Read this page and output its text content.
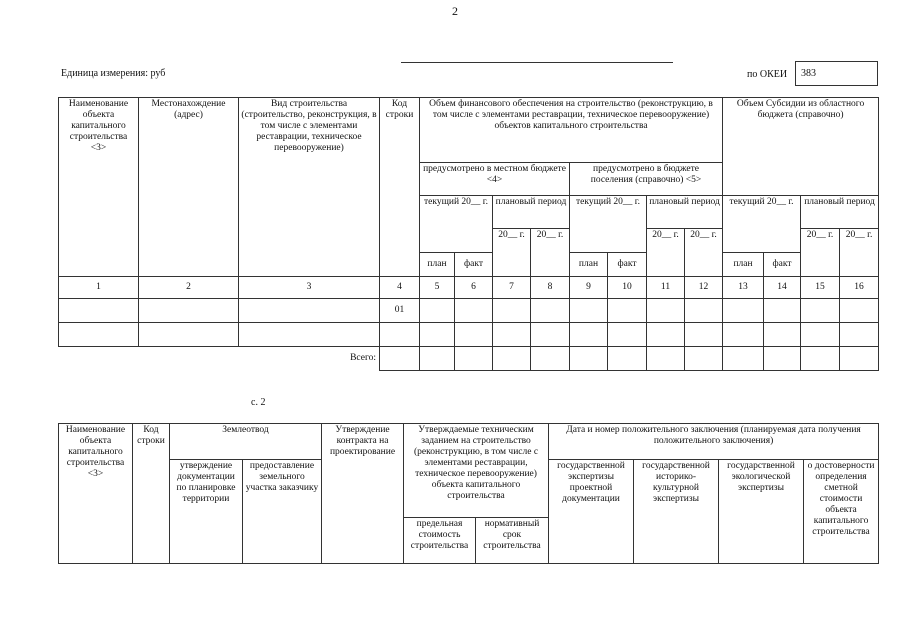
2
Единица измерения: руб	по ОКЕИ 383
Наименование объекта капитального строительства <3>	Местонахождение (адрес)	Вид строительства (строительство, реконструкция, в том числе с элементами реставрации, техническое перевооружение)	Код строки	Объем финансового обеспечения на строительство (реконструкцию, в том числе с элементами реставрации, техническое перевооружение) объектов капитального строительства								Объем Субсидии из областного бюджета (справочно)				
				предусмотрено в местном бюджете <4>				предусмотрено в бюджете поселения (справочно) <5>								
				текущий 20__ г.		плановый период		текущий 20__ г.		плановый период		текущий 20__ г.		плановый период		
						20__ г.	20__ г.			20__ г.	20__ г.			20__ г.	20__ г.	
				план	факт			план	факт			план	факт			
1	2	3	4	5	6	7	8	9	10	11	12	13	14	15	16	
			01													

Всего:																
с. 2
Наименование объекта капитального строительства <3>	Код строки	Землеотвод		Утверждение контракта на проектирование	Утверждаемые техническим заданием на строительство (реконструкцию, в том числе с элементами реставрации, техническое перевооружение) объекта капитального строительства		Дата и номер положительного заключения (планируемая дата получения положительного заключения)			
		утверждение документации по планировке территории	предоставление земельного участка заказчику				государственной экспертизы проектной документации	государственной историко-культурной экспертизы	государственной экологической экспертизы	о достоверности определения сметной стоимости объекта капитального строительства
					предельная стоимость строительства	нормативный срок строительства				
